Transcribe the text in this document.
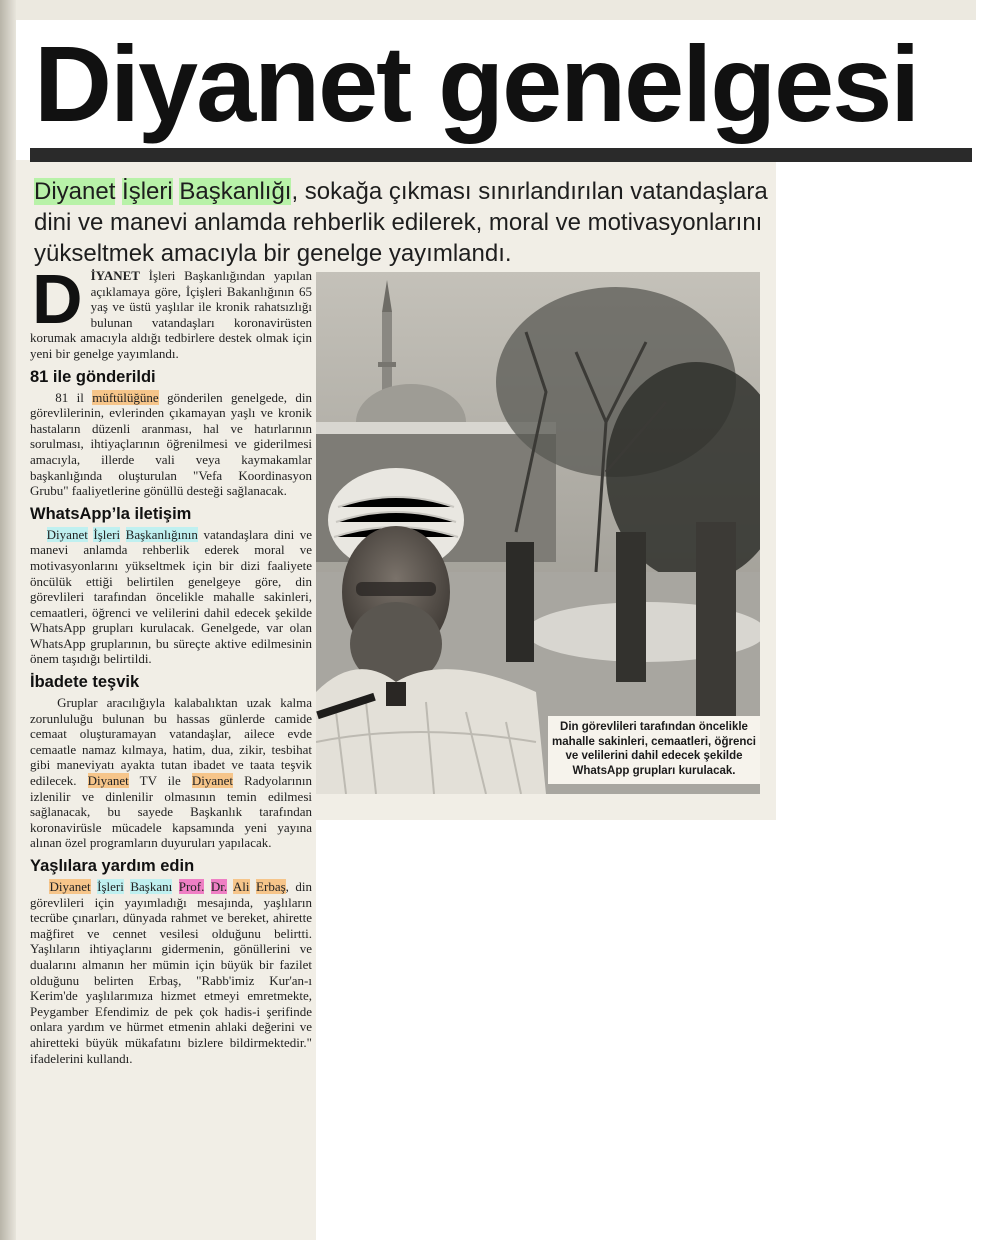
Diyanet genelgesi

Diyanet İşleri Başkanlığı, sokağa çıkması sınırlandırılan vatandaşlara dini ve manevi anlamda rehberlik edilerek, moral ve motivasyonlarını yükseltmek amacıyla bir genelge yayımlandı.

DİYANET İşleri Başkanlığından yapılan açıklamaya göre, İçişleri Bakanlığının 65 yaş ve üstü yaşlılar ile kronik rahatsızlığı bulunan vatandaşları koronavirüsten korumak amacıyla aldığı tedbirlere destek olmak için yeni bir genelge yayımlandı.

81 ile gönderildi

81 il müftülüğüne gönderilen genelgede, din görevlilerinin, evlerinden çıkamayan yaşlı ve kronik hastaların düzenli aranması, hal ve hatırlarının sorulması, ihtiyaçlarının öğrenilmesi ve giderilmesi amacıyla, illerde vali veya kaymakamlar başkanlığında oluşturulan "Vefa Koordinasyon Grubu" faaliyetlerine gönüllü desteği sağlanacak.

WhatsApp’la iletişim

Diyanet İşleri Başkanlığının vatandaşlara dini ve manevi anlamda rehberlik ederek moral ve motivasyonlarını yükseltmek için bir dizi faaliyete öncülük ettiği belirtilen genelgeye göre, din görevlileri tarafından öncelikle mahalle sakinleri, cemaatleri, öğrenci ve velilerini dahil edecek şekilde WhatsApp grupları kurulacak. Genelgede, var olan WhatsApp gruplarının, bu süreçte aktive edilmesinin önem taşıdığı belirtildi.

İbadete teşvik

Gruplar aracılığıyla kalabalıktan uzak kalma zorunluluğu bulunan bu hassas günlerde camide cemaat oluşturamayan vatandaşlar, ailece evde cemaatle namaz kılmaya, hatim, dua, zikir, tesbihat gibi maneviyatı ayakta tutan ibadet ve taata teşvik edilecek. Diyanet TV ile Diyanet Radyolarının izlenilir ve dinlenilir olmasının temin edilmesi sağlanacak, bu sayede Başkanlık tarafından koronavirüsle mücadele kapsamında yeni yayına alınan özel programların duyuruları yapılacak.

Yaşlılara yardım edin

Diyanet İşleri Başkanı Prof. Dr. Ali Erbaş, din görevlileri için yayımladığı mesajında, yaşlıların tecrübe çınarları, dünyada rahmet ve bereket, ahirette mağfiret ve cennet vesilesi olduğunu belirtti. Yaşlıların ihtiyaçlarını gidermenin, gönüllerini ve dualarını almanın her mümin için büyük bir fazilet olduğunu belirten Erbaş, "Rabb'imiz Kur'an-ı Kerim'de yaşlılarımıza hizmet etmeyi emretmekte, Peygamber Efendimiz de pek çok hadis-i şerifinde onlara yardım ve hürmet etmenin ahlaki değerini ve ahiretteki büyük mükafatını bizlere bildirmektedir." ifadelerini kullandı.

Din görevlileri tarafından öncelikle mahalle sakinleri, cemaatleri, öğrenci ve velilerini dahil edecek şekilde WhatsApp grupları kurulacak.
